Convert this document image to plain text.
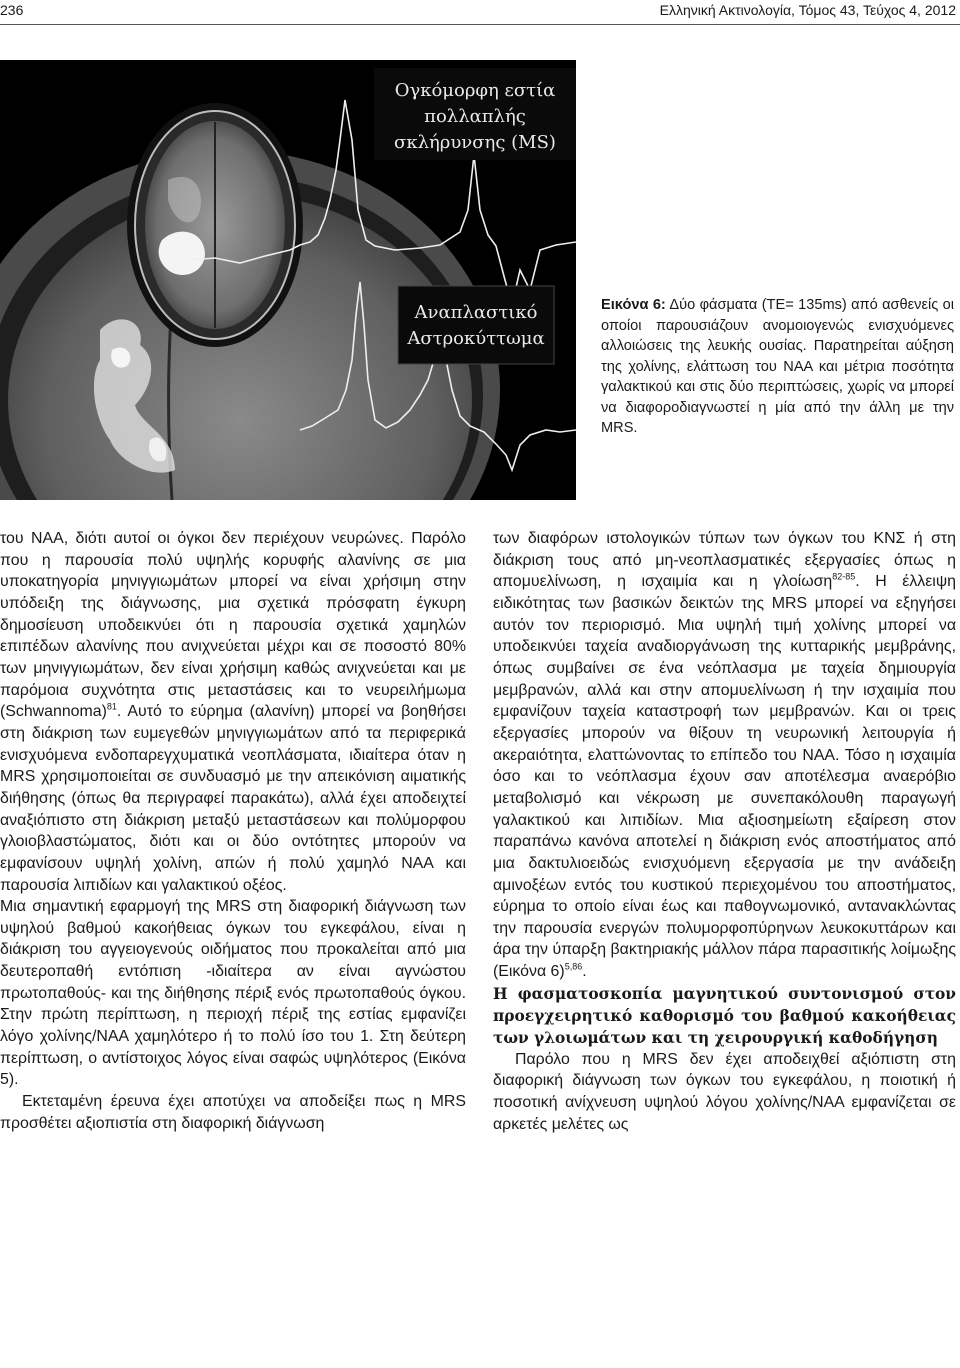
236	Ελληνική Ακτινολογία, Τόμος 43, Τεύχος 4, 2012
Ογκόμορφη εστία
πολλαπλής
σκλήρυνσης (MS)
Αναπλαστικό
Αστροκύττωμα
Εικόνα 6: Δύο φάσματα (ΤΕ= 135ms) από ασθενείς οι οποίοι παρουσιάζουν ανομοιογενώς ενισχυόμενες αλλοιώσεις της λευκής ουσίας. Παρατηρείται αύξηση της χολίνης, ελάττωση του ΝΑΑ και μέτρια ποσότητα γαλακτικού και στις δύο περιπτώσεις, χωρίς να μπορεί να διαφοροδιαγνωστεί η μία από την άλλη με την MRS.

του ΝΑΑ, διότι αυτοί οι όγκοι δεν περιέχουν νευρώνες. Παρόλο που η παρουσία πολύ υψηλής κορυφής αλανίνης σε μια υποκατηγορία μηνιγγιωμάτων μπορεί να είναι χρήσιμη στην υπόδειξη της διάγνωσης, μια σχετικά πρόσφατη έγκυρη δημοσίευση υποδεικνύει ότι η παρουσία σχετικά χαμηλών επιπέδων αλανίνης που ανιχνεύεται μέχρι και σε ποσοστό 80% των μηνιγγιωμάτων, δεν είναι χρήσιμη καθώς ανιχνεύεται και με παρόμοια συχνότητα στις μεταστάσεις και το νευρειλήμωμα (Schwannoma)$^{81}$. Αυτό το εύρημα (αλανίνη) μπορεί να βοηθήσει στη διάκριση των ευμεγεθών μηνιγγιωμάτων από τα περιφερικά ενισχυόμενα ενδοπαρεγχυματικά νεοπλάσματα, ιδιαίτερα όταν η MRS χρησιμοποιείται σε συνδυασμό με την απεικόνιση αιματικής διήθησης (όπως θα περιγραφεί παρακάτω), αλλά έχει αποδειχτεί αναξιόπιστο στη διάκριση μεταξύ μεταστάσεων και πολύμορφου γλοιοβλαστώματος, διότι και οι δύο οντότητες μπορούν να εμφανίσουν υψηλή χολίνη, απών ή πολύ χαμηλό ΝΑΑ και παρουσία λιπιδίων και γαλακτικού οξέος.

Μια σημαντική εφαρμογή της MRS στη διαφορική διάγνωση των υψηλού βαθμού κακοήθειας όγκων του εγκεφάλου, είναι η διάκριση του αγγειογενούς οιδήματος που προκαλείται από μια δευτεροπαθή εντόπιση -ιδιαίτερα αν είναι αγνώστου πρωτοπαθούς- και της διήθησης πέριξ ενός πρωτοπαθούς όγκου. Στην πρώτη περίπτωση, η περιοχή πέριξ της εστίας εμφανίζει λόγο χολίνης/ΝΑΑ χαμηλότερο ή το πολύ ίσο του 1. Στη δεύτερη περίπτωση, ο αντίστοιχος λόγος είναι σαφώς υψηλότερος (Εικόνα 5).

Εκτεταμένη έρευνα έχει αποτύχει να αποδείξει πως η MRS προσθέτει αξιοπιστία στη διαφορική διάγνωση

των διαφόρων ιστολογικών τύπων των όγκων του ΚΝΣ ή στη διάκριση τους από μη-νεοπλασματικές εξεργασίες όπως η απομυελίνωση, η ισχαιμία και η γλοίωση$^{82-85}$. Η έλλειψη ειδικότητας των βασικών δεικτών της MRS μπορεί να εξηγήσει αυτόν τον περιορισμό. Μια υψηλή τιμή χολίνης μπορεί να υποδεικνύει ταχεία αναδιοργάνωση της κυτταρικής μεμβράνης, όπως συμβαίνει σε ένα νεόπλασμα με ταχεία δημιουργία μεμβρανών, αλλά και στην απομυελίνωση ή την ισχαιμία που εμφανίζουν ταχεία καταστροφή των μεμβρανών. Και οι τρεις εξεργασίες μπορούν να θίξουν τη νευρωνική λειτουργία ή ακεραιότητα, ελαττώνοντας το επίπεδο του ΝΑΑ. Τόσο η ισχαιμία όσο και το νεόπλασμα έχουν σαν αποτέλεσμα αναερόβιο μεταβολισμό και νέκρωση με συνεπακόλουθη παραγωγή γαλακτικού και λιπιδίων. Μια αξιοσημείωτη εξαίρεση στον παραπάνω κανόνα αποτελεί η διάκριση ενός αποστήματος από μια δακτυλιοειδώς ενισχυόμενη εξεργασία με την ανάδειξη αμινοξέων εντός του κυστικού περιεχομένου του αποστήματος, εύρημα το οποίο είναι έως και παθογνωμονικό, αντανακλώντας την παρουσία ενεργών πολυμορφοπύρηνων λευκοκυττάρων και άρα την ύπαρξη βακτηριακής μάλλον πάρα παρασιτικής λοίμωξης (Εικόνα 6)$^{5,86}$.

Η φασματοσκοπία μαγνητικού συντονισμού στον προεγχειρητικό καθορισμό του βαθμού κακοήθειας των γλοιωμάτων και τη χειρουργική καθοδήγηση

Παρόλο που η MRS δεν έχει αποδειχθεί αξιόπιστη στη διαφορική διάγνωση των όγκων του εγκεφάλου, η ποιοτική ή ποσοτική ανίχνευση υψηλού λόγου χολίνης/ΝΑΑ εμφανίζεται σε αρκετές μελέτες ως
